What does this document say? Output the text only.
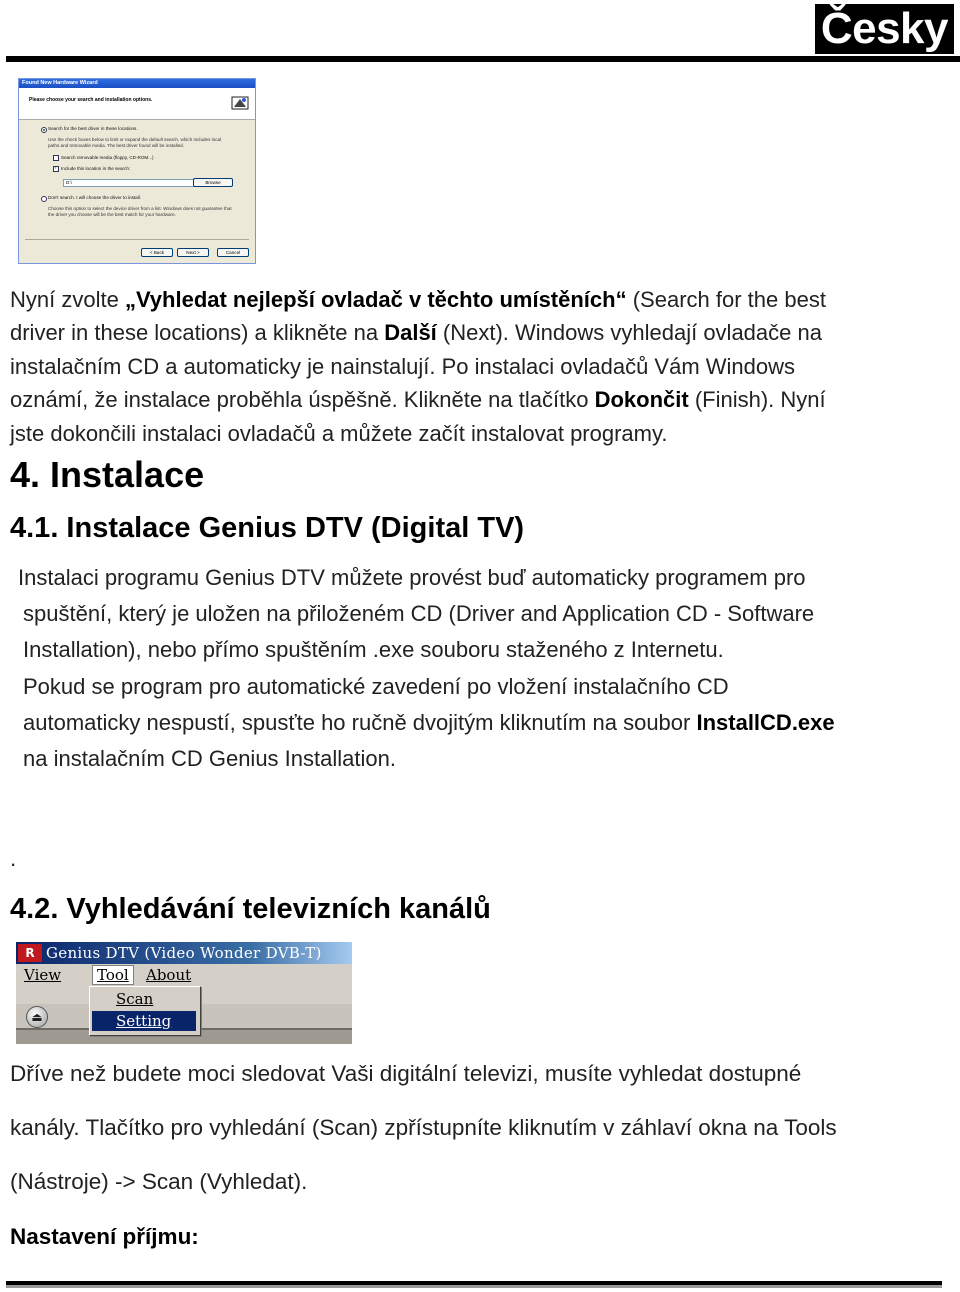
Česky
Found New Hardware Wizard
Please choose your search and installation options.
Search for the best driver in these locations.
Use the check boxes below to limit or expand the default search, which includes local
paths and removable media. The best driver found will be installed.
Search removable media (floppy, CD-ROM...)
✓
Include this location in the search:
D:\	Browse
Don't search. I will choose the driver to install.
Choose this option to select the device driver from a list. Windows does not guarantee that
the driver you choose will be the best match for your hardware.
< Back	Next >	Cancel
Nyní zvolte „Vyhledat nejlepší ovladač v těchto umístěních“ (Search for the best
driver in these locations) a klikněte na Další (Next). Windows vyhledají ovladače na
instalačním CD a automaticky je nainstalují. Po instalaci ovladačů Vám Windows
oznámí, že instalace proběhla úspěšně. Klikněte na tlačítko Dokončit (Finish). Nyní
jste dokončili instalaci ovladačů a můžete začít instalovat programy.
4. Instalace
4.1. Instalace Genius DTV (Digital TV)
Instalaci programu Genius DTV můžete provést buď automaticky programem pro
spuštění, který je uložen na přiloženém CD (Driver and Application CD - Software
Installation), nebo přímo spuštěním .exe souboru staženého z Internetu.
Pokud se program pro automatické zavedení po vložení instalačního CD
automaticky nespustí, spusťte ho ručně dvojitým kliknutím na soubor InstallCD.exe
na instalačním CD Genius Installation.
.
4.2. Vyhledávání televizních kanálů
Genius DTV (Video Wonder DVB-T)
R
View	Tool	About
⏏
Scan
Setting
Dříve než budete moci sledovat Vaši digitální televizi, musíte vyhledat dostupné
kanály. Tlačítko pro vyhledání (Scan) zpřístupníte kliknutím v záhlaví okna na Tools
(Nástroje) -> Scan (Vyhledat).
Nastavení příjmu:
